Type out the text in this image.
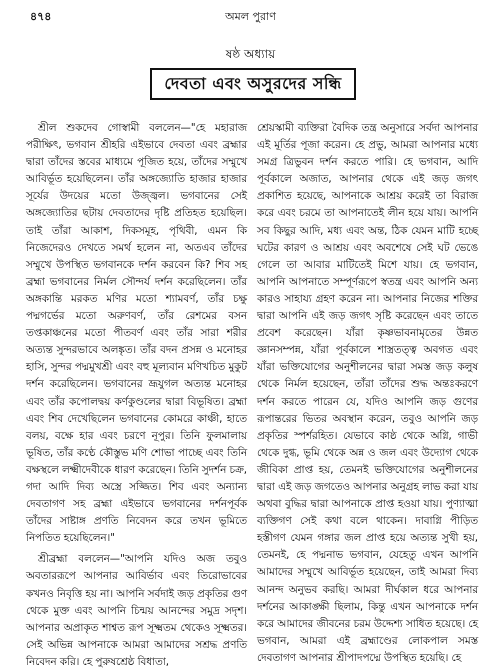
৪৭৪	অমল পুরাণ
ষষ্ঠ অধ্যায়
দেবতা এবং অসুরদের সন্ধি

শ্রীল শুকদেব গোস্বামী বললেন—"হে মহারাজ পরীক্ষিৎ, ভগবান শ্রীহরি এইভাবে দেবতা এবং ব্রহ্মার দ্বারা তাঁদের স্তবের মাধ্যমে পূজিত হয়ে, তাঁদের সম্মুখে আবির্ভূত হয়েছিলেন। তাঁর অঙ্গজ্যোতি হাজার হাজার সূর্যের উদয়ের মতো উজ্জ্বল। ভগবানের সেই অঙ্গজ্যোতির ছটায় দেবতাদের দৃষ্টি প্রতিহত হয়েছিল। তাই তাঁরা আকাশ, দিকসমূহ, পৃথিবী, এমন কি নিজেদেরও দেখতে সমর্থ হলেন না, অতএব তাঁদের সম্মুখে উপস্থিত ভগবানকে দর্শন করবেন কি? শিব সহ ব্রহ্মা ভগবানের নির্মল সৌন্দর্য দর্শন করেছিলেন। তাঁর অঙ্গকান্তি মরকত মণির মতো শ্যামবর্ণ, তাঁর চক্ষু পদ্মগর্ভের মতো অরুণবর্ণ, তাঁর রেশমের বসন তপ্তকাঞ্চনের মতো পীতবর্ণ এবং তাঁর সারা শরীর অত্যন্ত সুন্দরভাবে অলঙ্কৃত। তাঁর বদন প্রসন্ন ও মনোহর হাসি, সুন্দর পদ্মমুখশ্রী এবং বহু মূল্যবান মণিখচিত মুকুট দর্শন করেছিলেন। ভগবানের ভ্রূযুগল অত্যন্ত মনোহর এবং তাঁর কপোলদ্বয় কর্ণকুণ্ডলের দ্বারা বিভূষিত। ব্রহ্মা এবং শিব দেখেছিলেন ভগবানের কোমরে কাঞ্চী, হাতে বলয়, বক্ষে হার এবং চরণে নূপুর। তিনি ফুলমালায় ভূষিত, তাঁর কণ্ঠে কৌস্তুভ মণি শোভা পাচ্ছে এবং তিনি বক্ষস্থলে লক্ষ্মীদেবীকে ধারণ করেছেন। তিনি সুদর্শন চক্র, গদা আদি দিব্য অস্ত্রে সজ্জিত। শিব এবং অন্যান্য দেবতাগণ সহ ব্রহ্মা এইভাবে ভগবানের দর্শনপূর্বক তাঁদের সাষ্টাঙ্গ প্রণতি নিবেদন করে তখন ভূমিতে নিপতিত হয়েছিলেন।"

শ্রীব্রহ্মা বললেন—"আপনি যদিও অজ তবুও অবতাররূপে আপনার আবির্ভাব এবং তিরোভাবের কখনও নিবৃত্তি হয় না। আপনি সর্বদাই জড় প্রকৃতির গুণ থেকে মুক্ত এবং আপনি চিন্ময় আনন্দের সমুদ্র সদৃশ। আপনার অপ্রাকৃত শাশ্বত রূপ সূক্ষ্মতম থেকেও সূক্ষ্মতর। সেই অভিন্ন আপনাকে আমরা আমাদের সশ্রদ্ধ প্রণতি নিবেদন করি। হে পুরুষশ্রেষ্ঠ বিধাতা,

শ্রেয়স্কামী ব্যক্তিরা বৈদিক তন্ত্র অনুসারে সর্বদা আপনার এই মূর্তির পূজা করেন। হে প্রভু, আমরা আপনার মধ্যে সমগ্র ত্রিভুবন দর্শন করতে পারি। হে ভগবান, আদি পূর্বকালে অজাত, আপনার থেকে এই জড় জগৎ প্রকাশিত হয়েছে, আপনাকে আশ্রয় করেই তা বিরাজ করে এবং চরমে তা আপনাতেই লীন হয়ে যায়। আপনি সব কিছুর আদি, মধ্য এবং অন্ত, ঠিক যেমন মাটি হচ্ছে ঘটের কারণ ও আশ্রয় এবং অবশেষে সেই ঘট ভেঙে গেলে তা আবার মাটিতেই মিশে যায়। হে ভগবান, আপনি আপনাতে সম্পূর্ণরূপে স্বতন্ত্র এবং আপনি অন্য কারও সাহায্য গ্রহণ করেন না। আপনার নিজের শক্তির দ্বারা আপনি এই জড় জগৎ সৃষ্টি করেছেন এবং তাতে প্রবেশ করেছেন। যাঁরা কৃষ্ণভাবনামৃতের উন্নত জ্ঞানসম্পন্ন, যাঁরা পূর্বকালে শাস্ত্রতত্ত্ব অবগত এবং যাঁরা ভক্তিযোগের অনুশীলনের দ্বারা সমস্ত জড় কলুষ থেকে নির্মল হয়েছেন, তাঁরা তাঁদের শুদ্ধ অন্তঃকরণে দর্শন করতে পারেন যে, যদিও আপনি জড় গুণের রূপান্তরের ভিতর অবস্থান করেন, তবুও আপনি জড় প্রকৃতির স্পর্শরহিত। যেভাবে কাষ্ঠ থেকে অগ্নি, গাভী থেকে দুগ্ধ, ভূমি থেকে অন্ন ও জল এবং উদ্যোগ থেকে জীবিকা প্রাপ্ত হয়, তেমনই ভক্তিযোগের অনুশীলনের দ্বারা এই জড় জগতেও আপনার অনুগ্রহ লাভ করা যায় অথবা বুদ্ধির দ্বারা আপনাকে প্রাপ্ত হওয়া যায়। পুণ্যাত্মা ব্যক্তিগণ সেই কথা বলে থাকেন। দাবাগ্নি পীড়িত হস্তীগণ যেমন গঙ্গার জল প্রাপ্ত হয়ে অত্যন্ত সুখী হয়, তেমনই, হে পদ্মনাভ ভগবান, যেহেতু এখন আপনি আমাদের সম্মুখে আবির্ভূত হয়েছেন, তাই আমরা দিব্য আনন্দ অনুভব করছি। আমরা দীর্ঘকাল ধরে আপনার দর্শনের আকাঙ্ক্ষী ছিলাম, কিন্তু এখন আপনাকে দর্শন করে আমাদের জীবনের চরম উদ্দেশ্য সাধিত হয়েছে। হে ভগবান, আমরা এই ব্রহ্মাণ্ডের লোকপাল সমস্ত দেবতাগণ আপনার শ্রীপাদপদ্মে উপস্থিত হয়েছি। হে
